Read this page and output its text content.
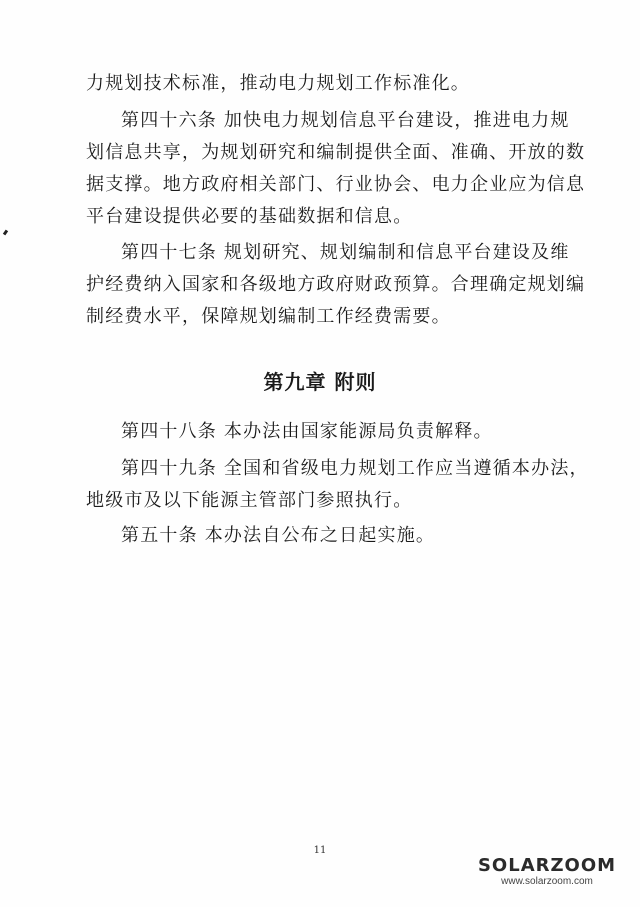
力规划技术标准，推动电力规划工作标准化。
第四十六条 加快电力规划信息平台建设，推进电力规
划信息共享，为规划研究和编制提供全面、准确、开放的数
据支撑。地方政府相关部门、行业协会、电力企业应为信息
平台建设提供必要的基础数据和信息。
第四十七条 规划研究、规划编制和信息平台建设及维
护经费纳入国家和各级地方政府财政预算。合理确定规划编
制经费水平，保障规划编制工作经费需要。
第九章 附则
第四十八条 本办法由国家能源局负责解释。
第四十九条 全国和省级电力规划工作应当遵循本办法，
地级市及以下能源主管部门参照执行。
第五十条 本办法自公布之日起实施。
11
SOLARZOOM
www.solarzoom.com
